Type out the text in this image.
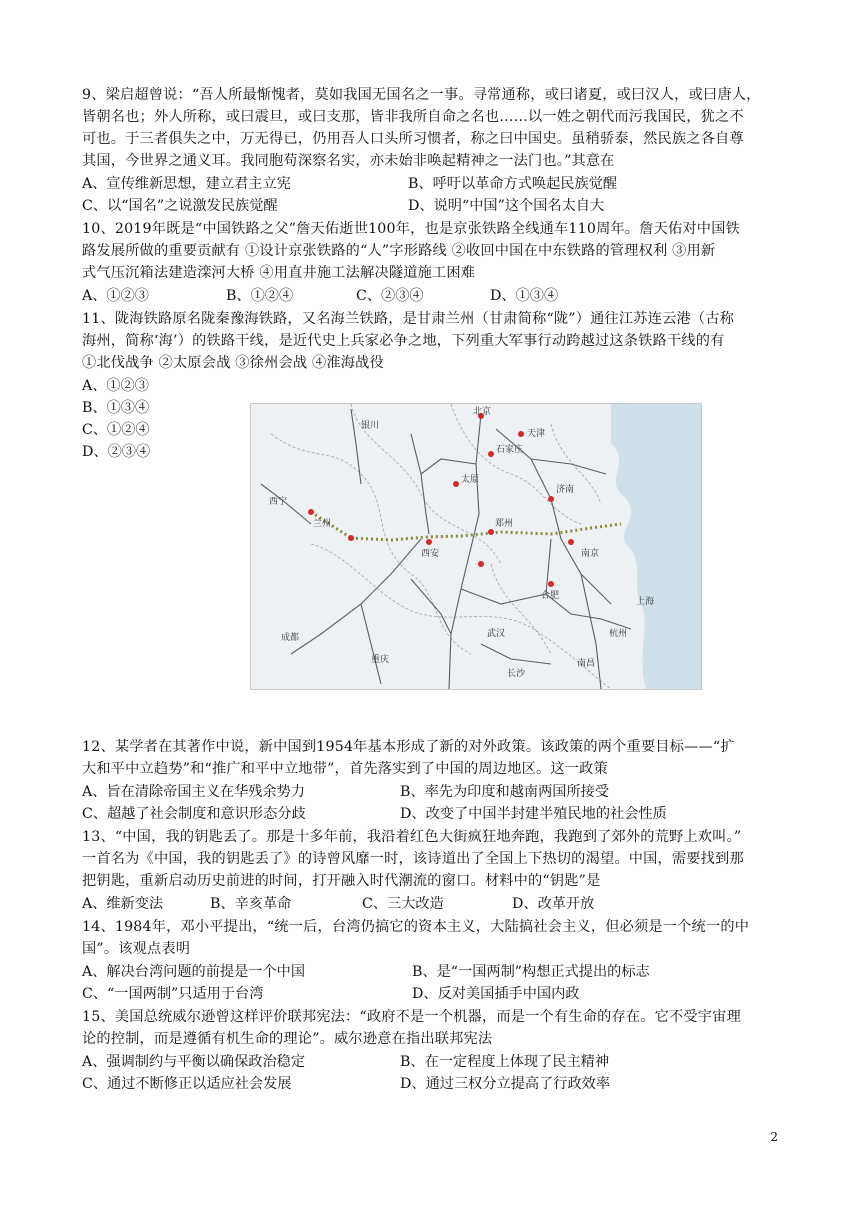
9、梁启超曾说：“吾人所最惭愧者，莫如我国无国名之一事。寻常通称，或曰诸夏，或曰汉人，或曰唐人，
皆朝名也；外人所称，或曰震旦，或曰支那，皆非我所自命之名也……以一姓之朝代而污我国民，犹之不
可也。于三者俱失之中，万无得已，仍用吾人口头所习惯者，称之曰中国史。虽稍骄泰，然民族之各自尊
其国，今世界之通义耳。我同胞苟深察名实，亦未始非唤起精神之一法门也。”其意在
A、宣传维新思想，建立君主立宪	B、呼吁以革命方式唤起民族觉醒
C、以“国名”之说激发民族觉醒	D、说明“中国”这个国名太自大
10、2019年既是“中国铁路之父”詹天佑逝世100年，也是京张铁路全线通车110周年。詹天佑对中国铁
路发展所做的重要贡献有 ①设计京张铁路的“人”字形路线 ②收回中国在中东铁路的管理权利 ③用新
式气压沉箱法建造滦河大桥 ④用直井施工法解决隧道施工困难
A、①②③	B、①②④	C、②③④	D、①③④
11、陇海铁路原名陇秦豫海铁路，又名海兰铁路，是甘肃兰州（甘肃简称“陇”）通往江苏连云港（古称
海州，简称‘海’）的铁路干线，是近代史上兵家必争之地，下列重大军事行动跨越过这条铁路干线的有
①北伐战争 ②太原会战 ③徐州会战 ④淮海战役
A、①②③
B、①③④
C、①②④
D、②③④
北京
天津
银川
石家庄
太原
济南
西宁
兰州	郑州
西安	南京
合肥
上海
武汉
成都
重庆
杭州
长沙
南昌
12、某学者在其著作中说，新中国到1954年基本形成了新的对外政策。该政策的两个重要目标——“扩
大和平中立趋势”和“推广和平中立地带”，首先落实到了中国的周边地区。这一政策
A、旨在清除帝国主义在华残余势力	B、率先为印度和越南两国所接受
C、超越了社会制度和意识形态分歧	D、改变了中国半封建半殖民地的社会性质
13、“中国，我的钥匙丢了。那是十多年前，我沿着红色大街疯狂地奔跑，我跑到了郊外的荒野上欢叫。”
一首名为《中国，我的钥匙丢了》的诗曾风靡一时，该诗道出了全国上下热切的渴望。中国，需要找到那
把钥匙，重新启动历史前进的时间，打开融入时代潮流的窗口。材料中的“钥匙”是
A、维新变法	B、辛亥革命	C、三大改造	D、改革开放
14、1984年，邓小平提出，“统一后，台湾仍搞它的资本主义，大陆搞社会主义，但必须是一个统一的中
国”。该观点表明
A、解决台湾问题的前提是一个中国	B、是“一国两制”构想正式提出的标志
C、“一国两制”只适用于台湾	D、反对美国插手中国内政
15、美国总统威尔逊曾这样评价联邦宪法：“政府不是一个机器，而是一个有生命的存在。它不受宇宙理
论的控制，而是遵循有机生命的理论”。威尔逊意在指出联邦宪法
A、强调制约与平衡以确保政治稳定	B、在一定程度上体现了民主精神
C、通过不断修正以适应社会发展	D、通过三权分立提高了行政效率
2
